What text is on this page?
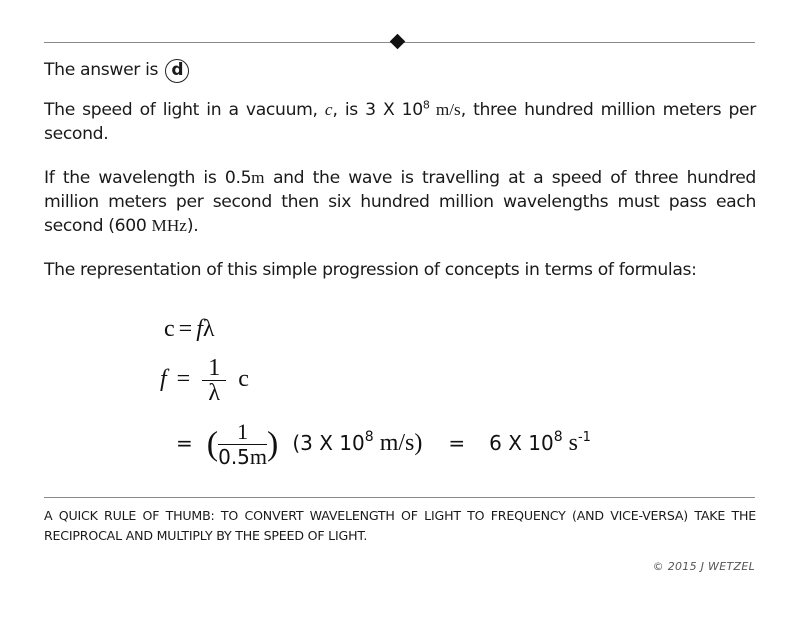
The answer is d
The speed of light in a vacuum, c, is 3 X $10^8$ m/s, three hundred million meters per second.
If the wavelength is 0.5m and the wave is travelling at a speed of three hundred million meters per second then six hundred million wavelengths must pass each second (600 MHz).
The representation of this simple progression of concepts in terms of formulas:
c = fλ
$f = \frac{1}{\lambda}$ c
= ( $\frac{1}{0.5m}$ ) (3 X $10^8$ m/s) = 6 X $10^8$ $s^{-1}$
A QUICK RULE OF THUMB: TO CONVERT WAVELENGTH OF LIGHT TO FREQUENCY (AND VICE-VERSA) TAKE THE RECIPROCAL AND MULTIPLY BY THE SPEED OF LIGHT.
© 2015 J WETZEL
